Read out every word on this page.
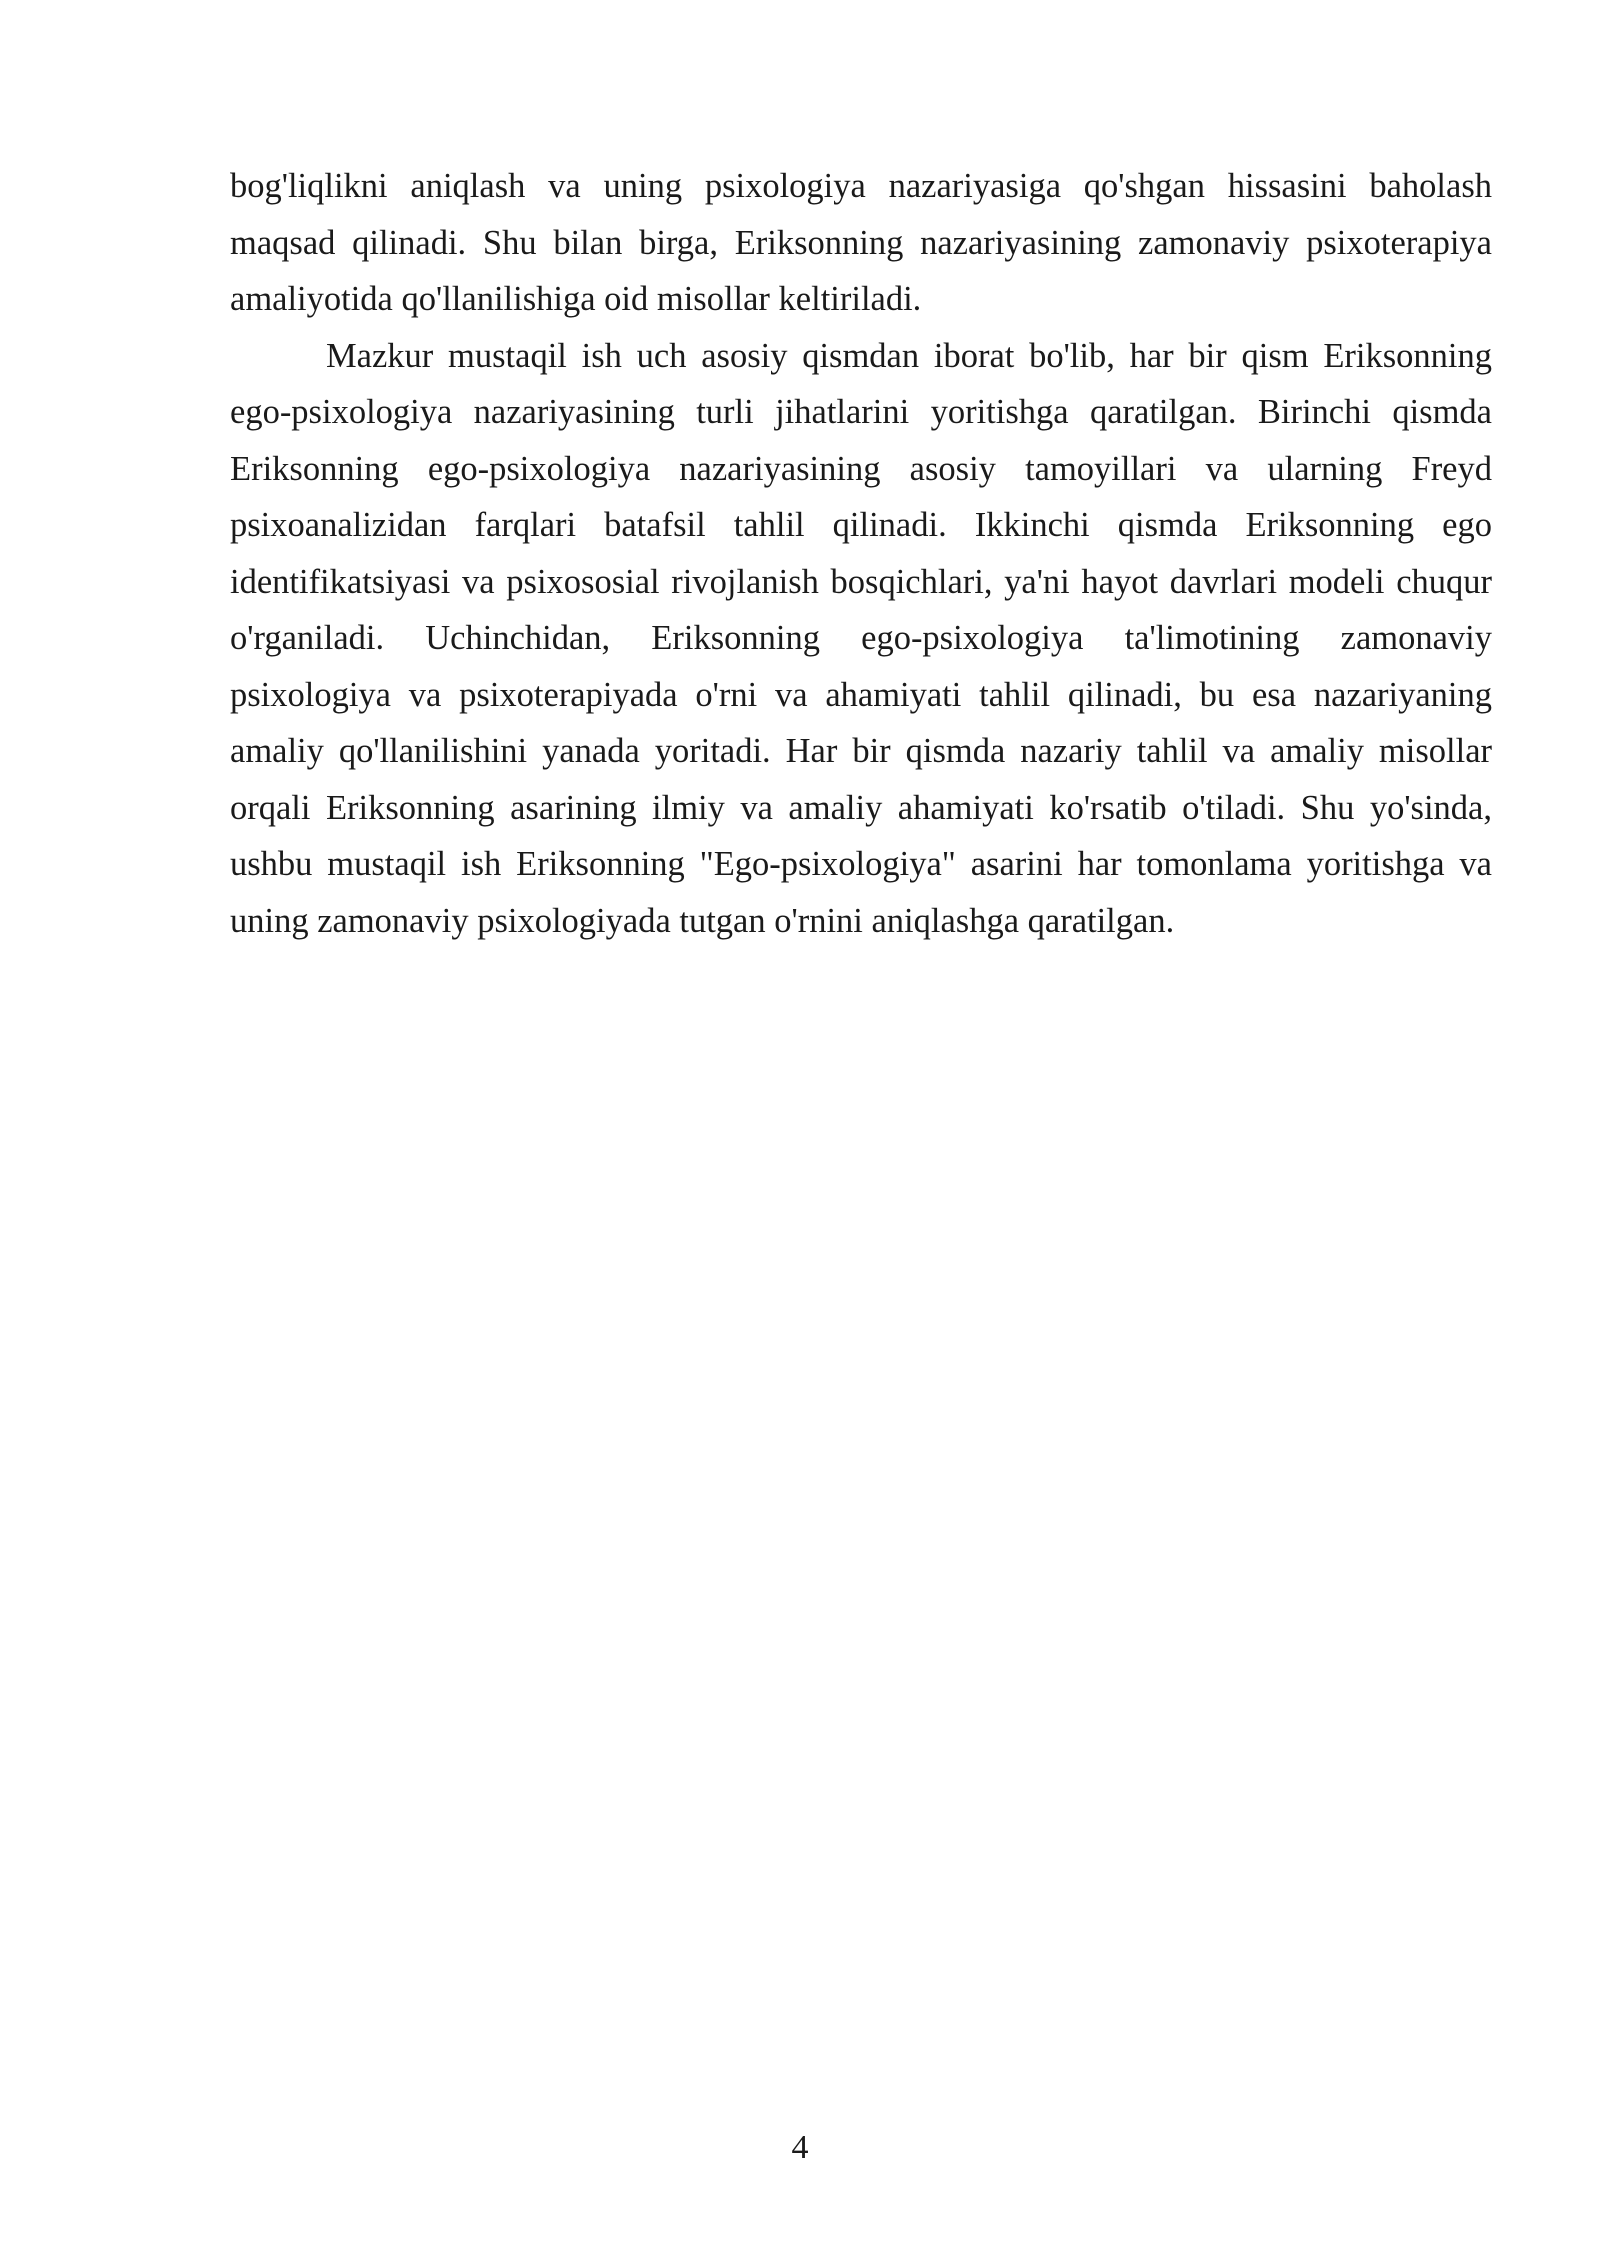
bog'liqlikni aniqlash va uning psixologiya nazariyasiga qo'shgan hissasini baholash maqsad qilinadi. Shu bilan birga, Eriksonning nazariyasining zamonaviy psixoterapiya amaliyotida qo'llanilishiga oid misollar keltiriladi.

Mazkur mustaqil ish uch asosiy qismdan iborat bo'lib, har bir qism Eriksonning ego-psixologiya nazariyasining turli jihatlarini yoritishga qaratilgan. Birinchi qismda Eriksonning ego-psixologiya nazariyasining asosiy tamoyillari va ularning Freyd psixoanalizidan farqlari batafsil tahlil qilinadi. Ikkinchi qismda Eriksonning ego identifikatsiyasi va psixososial rivojlanish bosqichlari, ya'ni hayot davrlari modeli chuqur o'rganiladi. Uchinchidan, Eriksonning ego-psixologiya ta'limotining zamonaviy psixologiya va psixoterapiyada o'rni va ahamiyati tahlil qilinadi, bu esa nazariyaning amaliy qo'llanilishini yanada yoritadi. Har bir qismda nazariy tahlil va amaliy misollar orqali Eriksonning asarining ilmiy va amaliy ahamiyati ko'rsatib o'tiladi. Shu yo'sinda, ushbu mustaqil ish Eriksonning "Ego-psixologiya" asarini har tomonlama yoritishga va uning zamonaviy psixologiyada tutgan o'rnini aniqlashga qaratilgan.

4
